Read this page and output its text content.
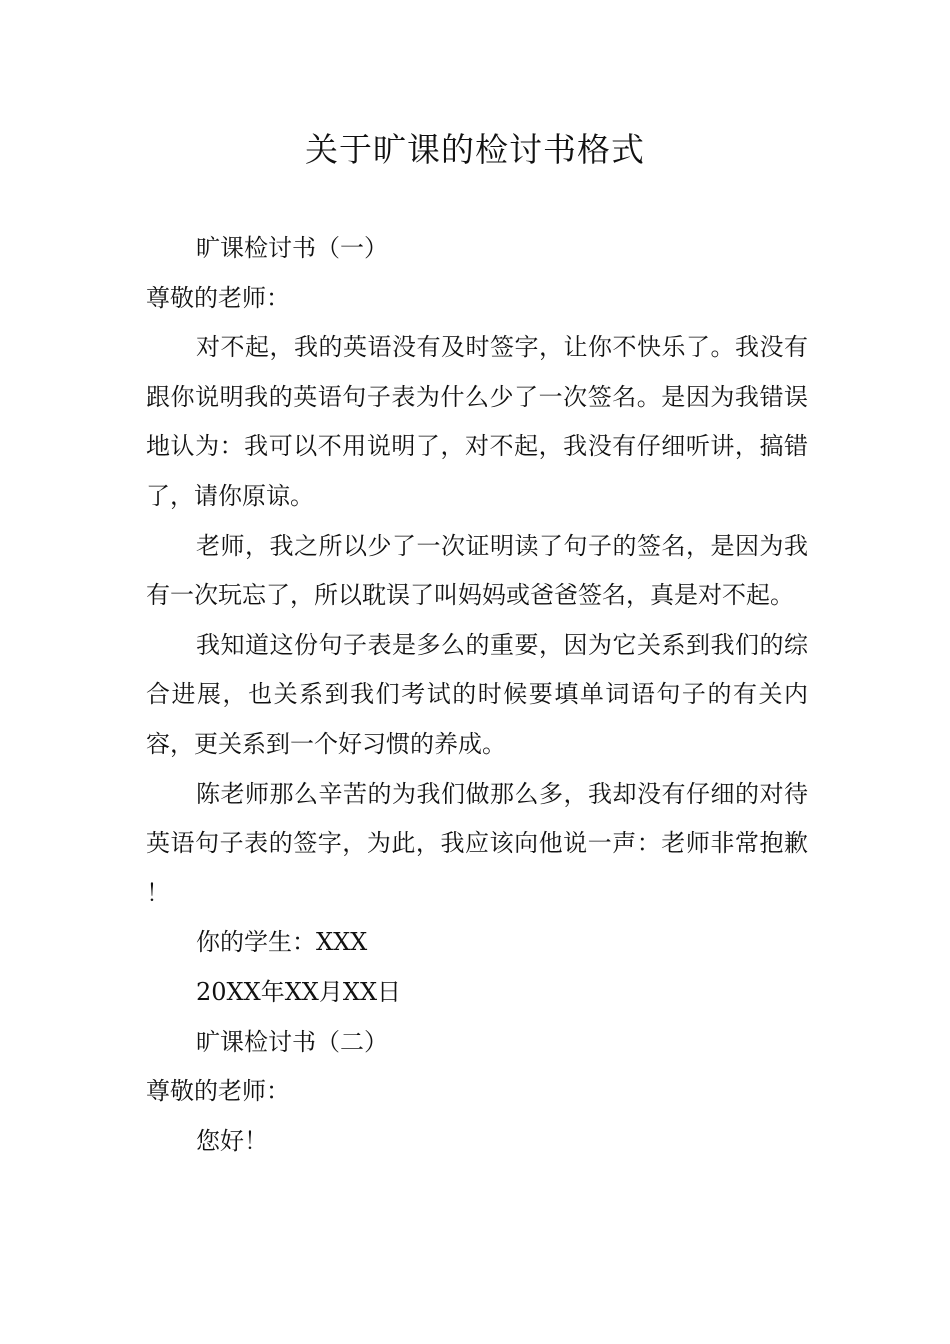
关于旷课的检讨书格式

旷课检讨书（一）

尊敬的老师：

对不起，我的英语没有及时签字，让你不快乐了。我没有跟你说明我的英语句子表为什么少了一次签名。是因为我错误地认为：我可以不用说明了，对不起，我没有仔细听讲，搞错了，请你原谅。

老师，我之所以少了一次证明读了句子的签名，是因为我有一次玩忘了，所以耽误了叫妈妈或爸爸签名，真是对不起。

我知道这份句子表是多么的重要，因为它关系到我们的综合进展，也关系到我们考试的时候要填单词语句子的有关内容，更关系到一个好习惯的养成。

陈老师那么辛苦的为我们做那么多，我却没有仔细的对待英语句子表的签字，为此，我应该向他说一声：老师非常抱歉 ！

你的学生：XXX

20XX年XX月XX日

旷课检讨书（二）

尊敬的老师：

您好！
